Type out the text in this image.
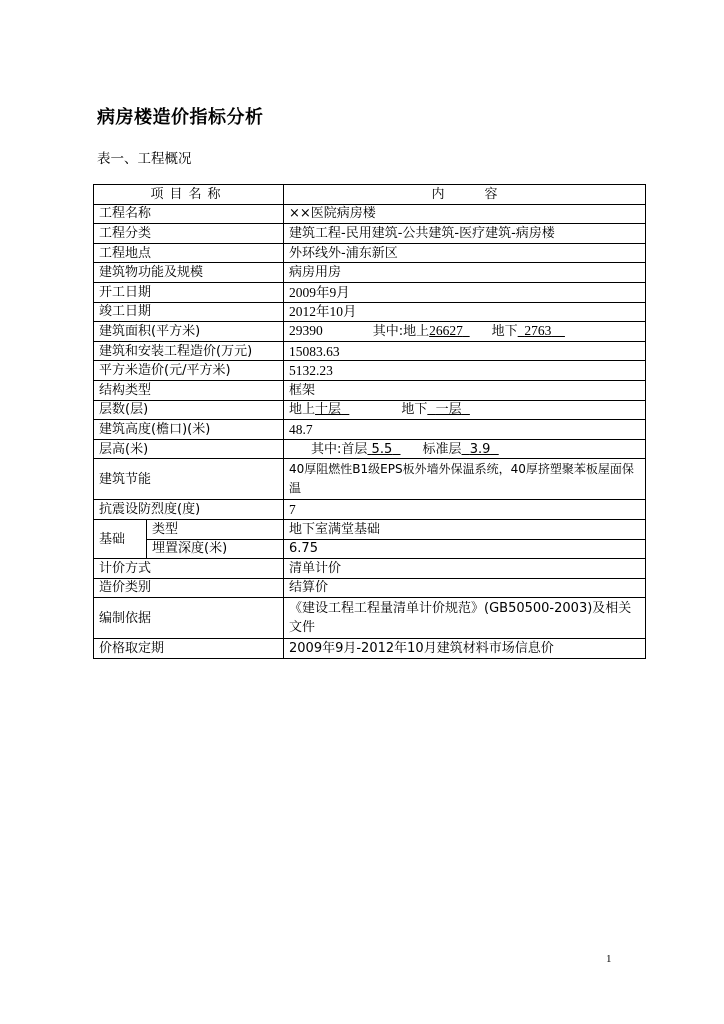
病房楼造价指标分析
表一、工程概况
项目名称		内 容
工程名称		××医院病房楼
工程分类		建筑工程-民用建筑-公共建筑-医疗建筑-病房楼
工程地点		外环线外-浦东新区
建筑物功能及规模		病房用房
开工日期		2009年9月
竣工日期		2012年10月
建筑面积(平方米)		29390 其中:地上26627 地下 2763
建筑和安装工程造价(万元)		15083.63
平方米造价(元/平方米)		5132.23
结构类型		框架
层数(层)		地上十层 地下 一层
建筑高度(檐口)(米)		48.7
层高(米)		其中:首层 5.5 标准层 3.9
建筑节能		40厚阻燃性B1级EPS板外墙外保温系统，40厚挤塑聚苯板屋面保温
抗震设防烈度(度)		7
基础	类型	地下室满堂基础
	埋置深度(米)	6.75
计价方式		清单计价
造价类别		结算价
编制依据		《建设工程工程量清单计价规范》(GB50500-2003)及相关文件
价格取定期		2009年9月-2012年10月建筑材料市场信息价
1
